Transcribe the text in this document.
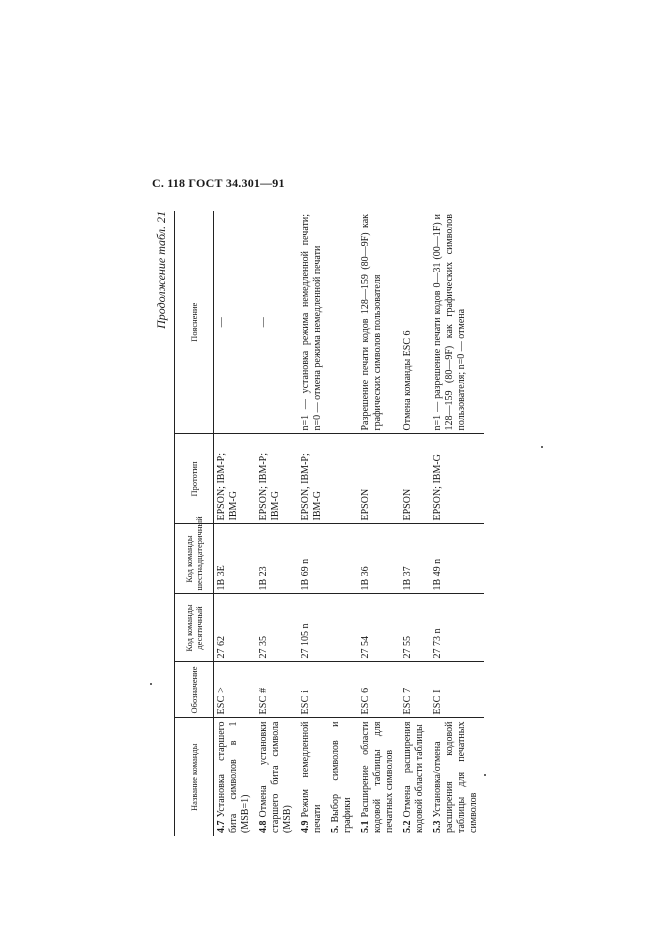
С. 118 ГОСТ 34.301—91
Продолжение табл. 21
Название команды	Обозначение	Код команды десятичный	Код команды шестнадцатеричный	Прототип	Пояснение
4.7Установка старшего бита символов в 1 (MSB=1)	ESC >	27 62	1B 3E	EPSON; IBM-P; IBM-G	—
4.8Отмена установки старшего бита символа (MSB)	ESC #	27 35	1B 23	EPSON; IBM-P; IBM-G	—
4.9Режим немедленной печати	ESC i	27 105 n	1B 69 n	EPSON, IBM-P; IBM-G	n=1 — установка режима немедленной печати; n=0 — отмена режима немедленной печати
5.Выбор символов и графики					
5.1Расширение области кодовой таблицы для печатных символов	ESC 6	27 54	1B 36	EPSON	Разрешение печати кодов 128—159 (80—9F) как графических символов пользователя
5.2Отмена расширения кодовой области таблицы	ESC 7	27 55	1B 37	EPSON	Отмена команды ESC 6
5.3Установка/отмена расширения кодовой таблицы для печатных символов	ESC I	27 73 n	1B 49 n	EPSON; IBM-G	n=1 — разрешение печати кодов 0—31 (00—1F) и 128—159 (80—9F) как графических символов пользователя; n=0 — отмена
